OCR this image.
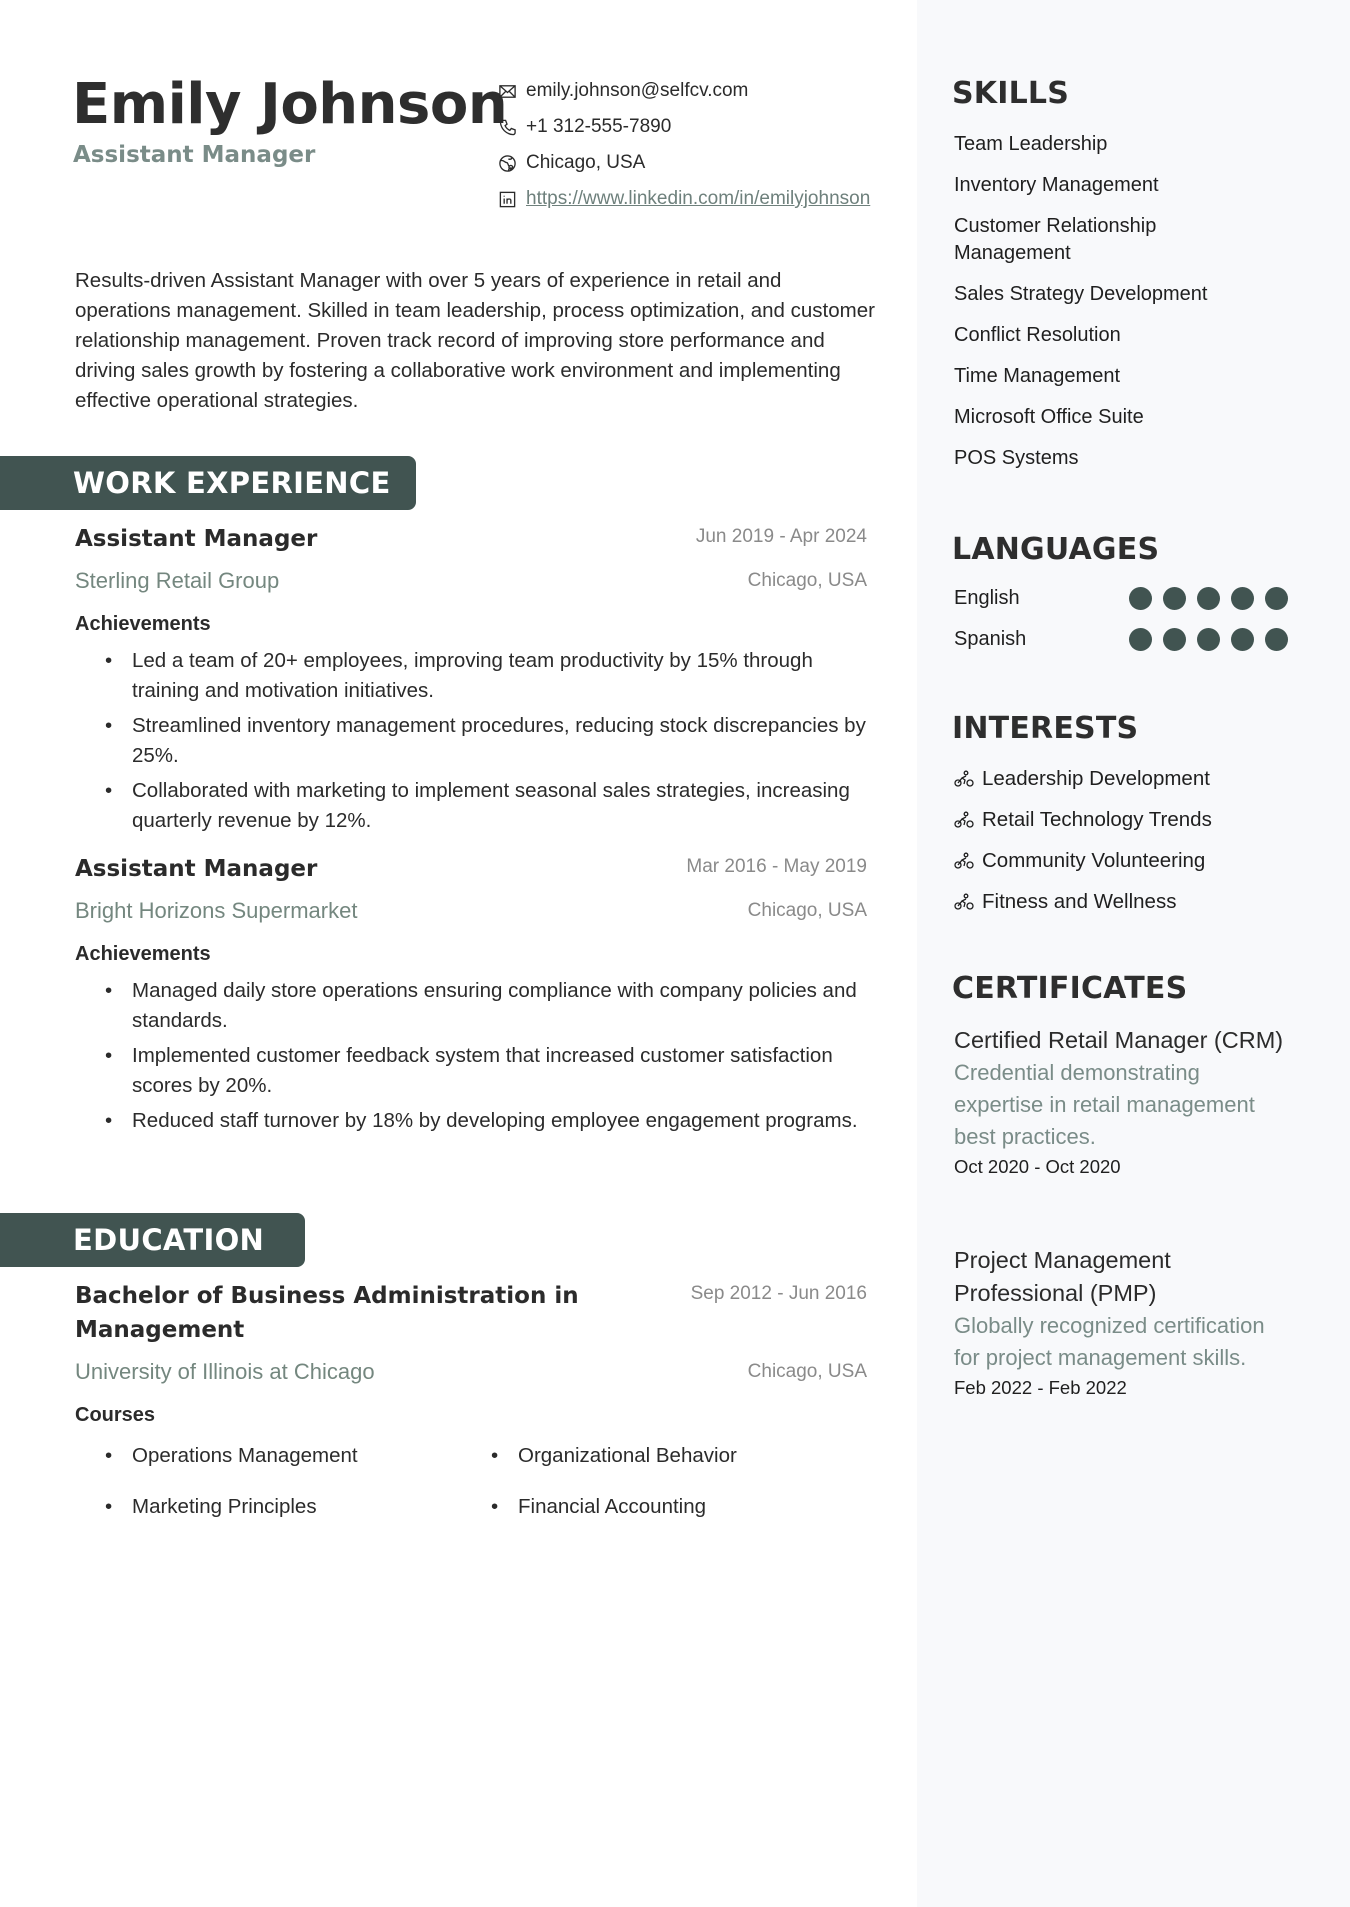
Emily Johnson
Assistant Manager
emily.johnson@selfcv.com
+1 312-555-7890
Chicago, USA
https://www.linkedin.com/in/emilyjohnson

Results-driven Assistant Manager with over 5 years of experience in retail and operations management. Skilled in team leadership, process optimization, and customer relationship management. Proven track record of improving store performance and driving sales growth by fostering a collaborative work environment and implementing effective operational strategies.

WORK EXPERIENCE
Assistant Manager	Jun 2019 - Apr 2024
Sterling Retail Group	Chicago, USA
Achievements
• Led a team of 20+ employees, improving team productivity by 15% through training and motivation initiatives.
• Streamlined inventory management procedures, reducing stock discrepancies by 25%.
• Collaborated with marketing to implement seasonal sales strategies, increasing quarterly revenue by 12%.
Assistant Manager	Mar 2016 - May 2019
Bright Horizons Supermarket	Chicago, USA
Achievements
• Managed daily store operations ensuring compliance with company policies and standards.
• Implemented customer feedback system that increased customer satisfaction scores by 20%.
• Reduced staff turnover by 18% by developing employee engagement programs.
EDUCATION
Bachelor of Business Administration in Management
Sep 2012 - Jun 2016
University of Illinois at Chicago	Chicago, USA
Courses
• Operations Management	• Organizational Behavior
• Marketing Principles	• Financial Accounting
SKILLS
Team Leadership
Inventory Management
Customer Relationship Management
Sales Strategy Development
Conflict Resolution
Time Management
Microsoft Office Suite
POS Systems
LANGUAGES
English
Spanish
INTERESTS
Leadership Development
Retail Technology Trends
Community Volunteering
Fitness and Wellness
CERTIFICATES
Certified Retail Manager (CRM)
Credential demonstrating expertise in retail management best practices.
Oct 2020 - Oct 2020
Project Management Professional (PMP)
Globally recognized certification for project management skills.
Feb 2022 - Feb 2022
